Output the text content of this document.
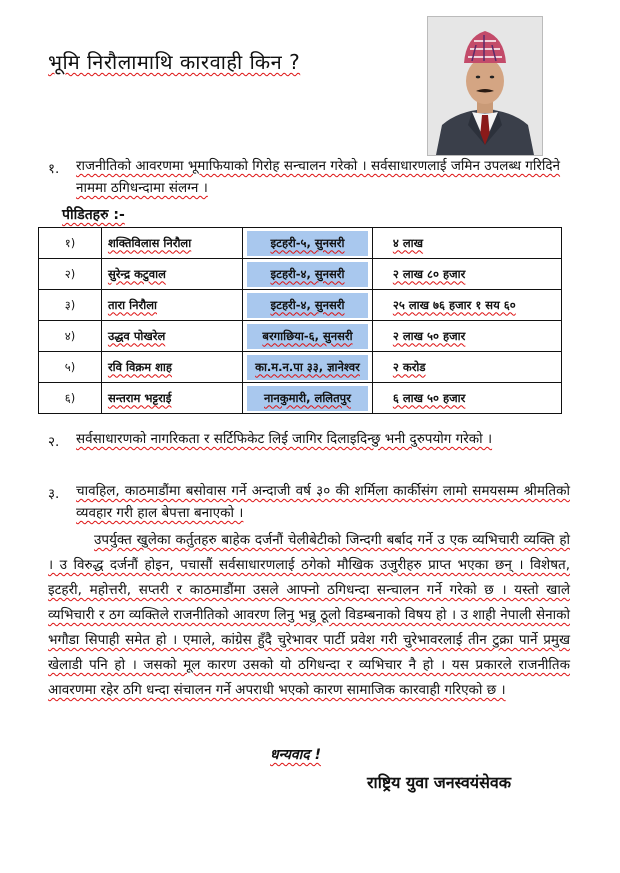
भूमि निरौलामाथि कारवाही किन ?
१. राजनीतिको आवरणमा भूमाफियाको गिरोह सन्चालन गरेको । सर्वसाधारणलाई जमिन उपलब्ध गरिदिने नाममा ठगिधन्दामा संलग्न ।
पीडितहरु :-
१)	शक्तिविलास निरौला	इटहरी-५, सुनसरी	४ लाख
२)	सुरेन्द्र कटुवाल	इटहरी-४, सुनसरी	२ लाख ८० हजार
३)	तारा निरौला	इटहरी-४, सुनसरी	२५ लाख ७६ हजार १ सय ६०
४)	उद्धव पोखरेल	बरगाछिया-६, सुनसरी	२ लाख ५० हजार
५)	रवि विक्रम शाह	का.म.न.पा ३३, ज्ञानेश्वर	२ करोड
६)	सन्तराम भट्टराई	नानकुमारी, ललितपुर	६ लाख ५० हजार
२. सर्वसाधारणको नागरिकता र सर्टिफिकेट लिई जागिर दिलाइदिन्छु भनी दुरुपयोग गरेको ।
३. चावहिल, काठमाडौंमा बसोवास गर्ने अन्दाजी वर्ष ३० की शर्मिला कार्कीसंग लामो समयसम्म श्रीमतिको व्यवहार गरी हाल बेपत्ता बनाएको ।
उपर्युक्त खुलेका कर्तुतहरु बाहेक दर्जनौं चेलीबेटीको जिन्दगी बर्बाद गर्ने उ एक व्यभिचारी व्यक्ति हो । उ विरुद्ध दर्जनौं होइन, पचासौं सर्वसाधारणलाई ठगेको मौखिक उजुरीहरु प्राप्त भएका छन् । विशेषत, इटहरी, महोत्तरी, सप्तरी र काठमाडौंमा उसले आफ्नो ठगिधन्दा सन्चालन गर्ने गरेको छ । यस्तो खाले व्यभिचारी र ठग व्यक्तिले राजनीतिको आवरण लिनु भन्नु ठूलो विडम्बनाको विषय हो । उ शाही नेपाली सेनाको भगौडा सिपाही समेत हो । एमाले, कांग्रेस हुँदै चुरेभावर पार्टी प्रवेश गरी चुरेभावरलाई तीन टुक्रा पार्ने प्रमुख खेलाडी पनि हो । जसको मूल कारण उसको यो ठगिधन्दा र व्यभिचार नै हो । यस प्रकारले राजनीतिक आवरणमा रहेर ठगि धन्दा संचालन गर्ने अपराधी भएको कारण सामाजिक कारवाही गरिएको छ ।
धन्यवाद !
राष्ट्रिय युवा जनस्वयंसेवक
